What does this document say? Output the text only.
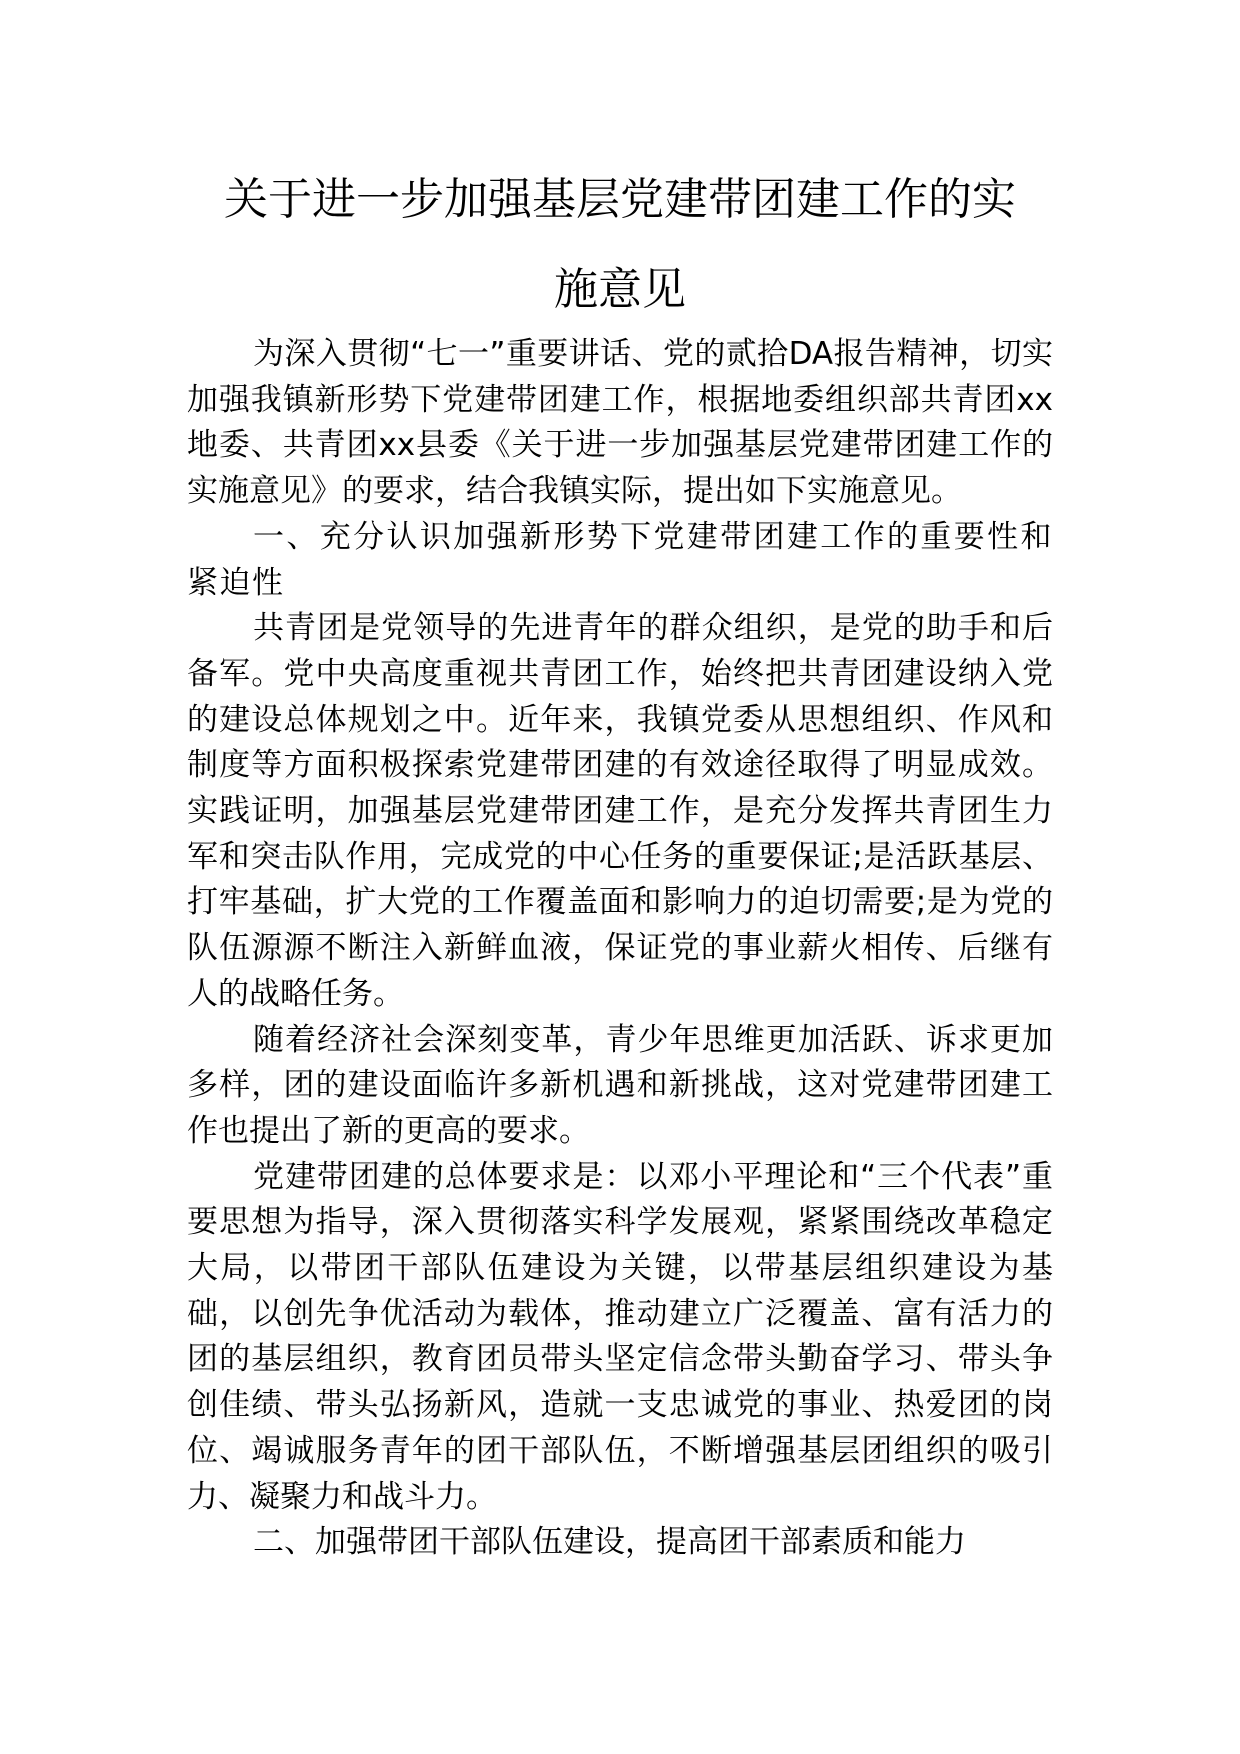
关于进一步加强基层党建带团建工作的实
施意见

为深入贯彻“七一”重要讲话、党的贰拾DA报告精神，切实加强我镇新形势下党建带团建工作，根据地委组织部共青团xx地委、共青团xx县委《关于进一步加强基层党建带团建工作的实施意见》的要求，结合我镇实际，提出如下实施意见。

一、充分认识加强新形势下党建带团建工作的重要性和紧迫性

共青团是党领导的先进青年的群众组织，是党的助手和后备军。党中央高度重视共青团工作，始终把共青团建设纳入党的建设总体规划之中。近年来，我镇党委从思想组织、作风和制度等方面积极探索党建带团建的有效途径取得了明显成效。实践证明，加强基层党建带团建工作，是充分发挥共青团生力军和突击队作用，完成党的中心任务的重要保证;是活跃基层、打牢基础，扩大党的工作覆盖面和影响力的迫切需要;是为党的队伍源源不断注入新鲜血液，保证党的事业薪火相传、后继有人的战略任务。

随着经济社会深刻变革，青少年思维更加活跃、诉求更加多样，团的建设面临许多新机遇和新挑战，这对党建带团建工作也提出了新的更高的要求。

党建带团建的总体要求是：以邓小平理论和“三个代表”重要思想为指导，深入贯彻落实科学发展观，紧紧围绕改革稳定大局，以带团干部队伍建设为关键，以带基层组织建设为基础，以创先争优活动为载体，推动建立广泛覆盖、富有活力的团的基层组织，教育团员带头坚定信念带头勤奋学习、带头争创佳绩、带头弘扬新风，造就一支忠诚党的事业、热爱团的岗位、竭诚服务青年的团干部队伍，不断增强基层团组织的吸引力、凝聚力和战斗力。

二、加强带团干部队伍建设，提高团干部素质和能力
